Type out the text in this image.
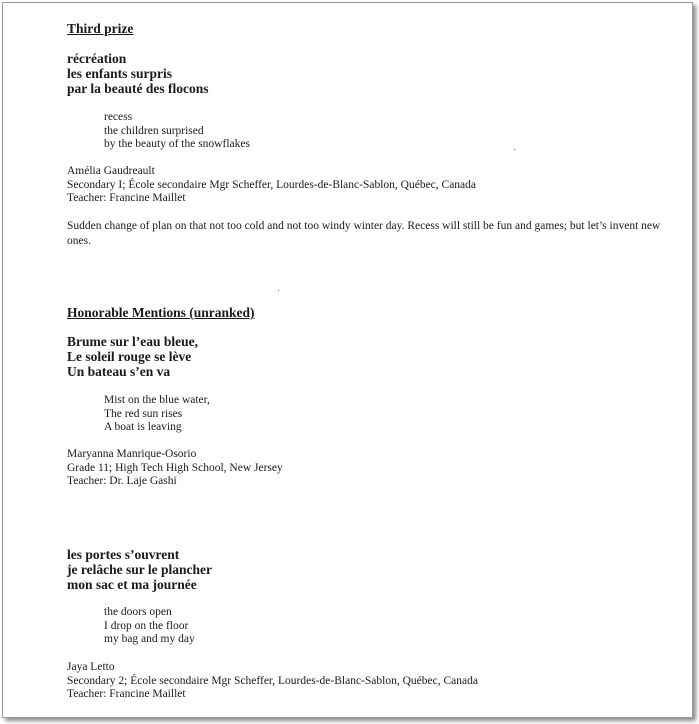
Third prize
récréation
les enfants surpris
par la beauté des flocons
recess
the children surprised
by the beauty of the snowflakes
Amélia Gaudreault
Secondary I; École secondaire Mgr Scheffer, Lourdes-de-Blanc-Sablon, Québec, Canada
Teacher: Francine Maillet
Sudden change of plan on that not too cold and not too windy winter day. Recess will still be fun and games; but let’s invent new ones.
Honorable Mentions (unranked)
Brume sur l’eau bleue,
Le soleil rouge se lève
Un bateau s’en va
Mist on the blue water,
The red sun rises
A boat is leaving
Maryanna Manrique-Osorio
Grade 11; High Tech High School, New Jersey
Teacher: Dr. Laje Gashi
les portes s’ouvrent
je relâche sur le plancher
mon sac et ma journée
the doors open
I drop on the floor
my bag and my day
Jaya Letto
Secondary 2; École secondaire Mgr Scheffer, Lourdes-de-Blanc-Sablon, Québec, Canada
Teacher: Francine Maillet
